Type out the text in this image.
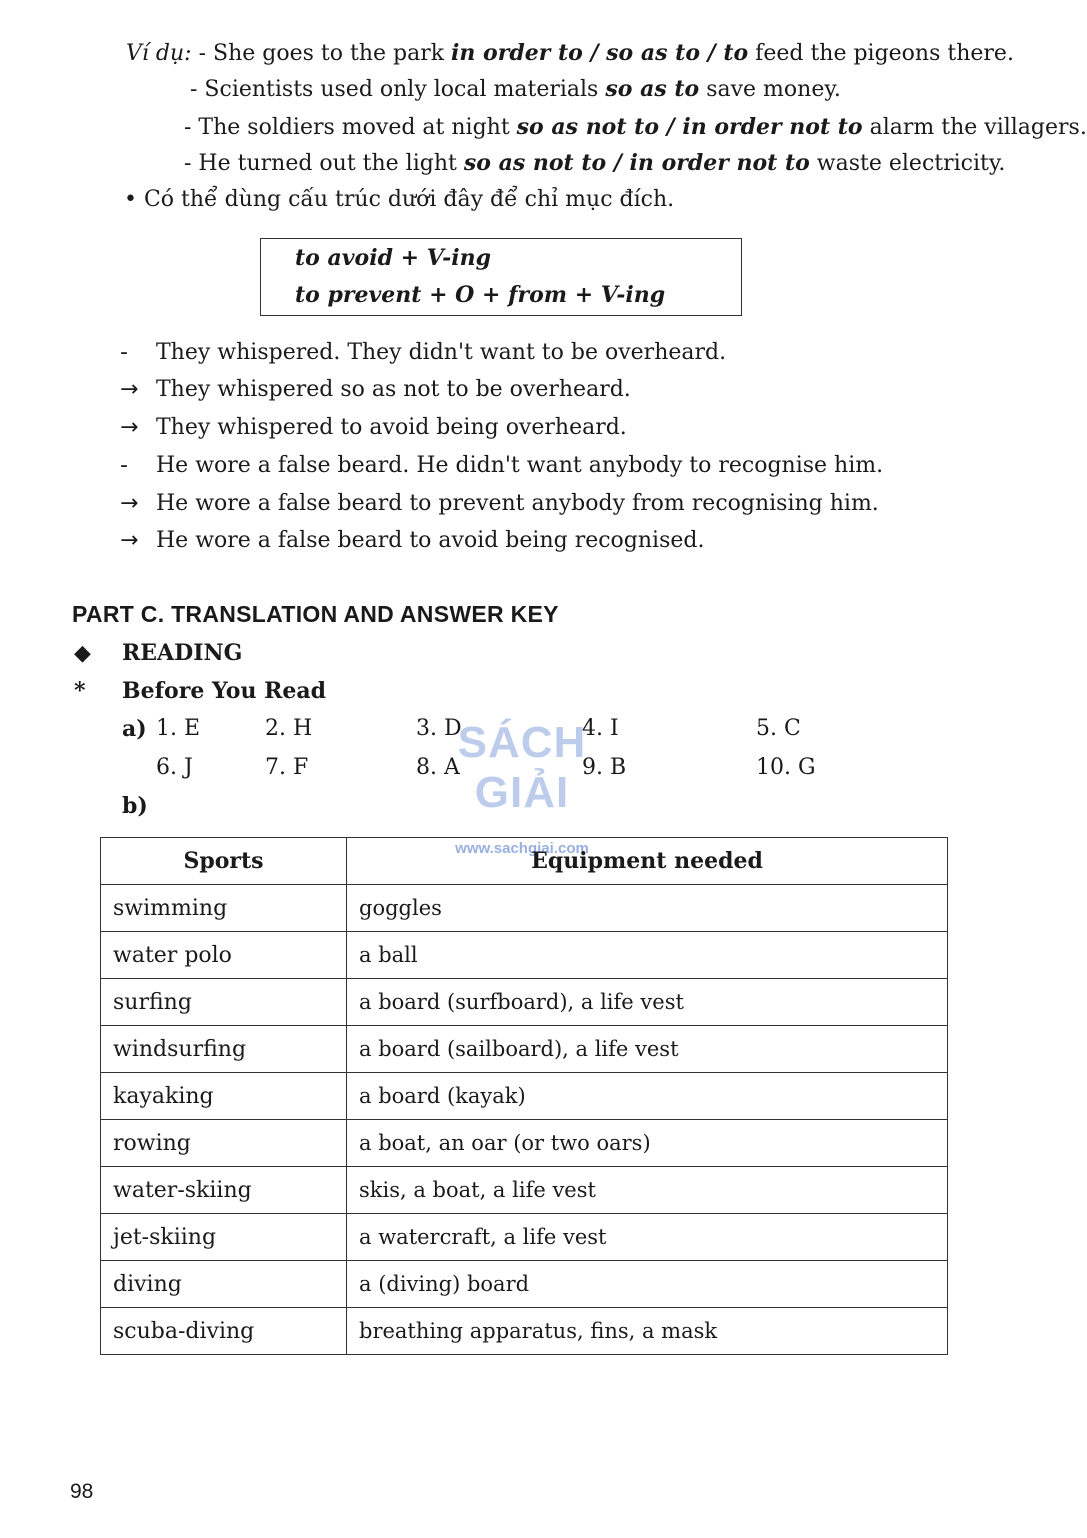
Ví dụ: - She goes to the park in order to / so as to / to feed the pigeons there.
- Scientists used only local materials so as to save money.
- The soldiers moved at night so as not to / in order not to alarm the villagers.
- He turned out the light so as not to / in order not to waste electricity.
• Có thể dùng cấu trúc dưới đây để chỉ mục đích.
to avoid + V-ing
to prevent + O + from + V-ing
- They whispered. They didn't want to be overheard.
→ They whispered so as not to be overheard.
→ They whispered to avoid being overheard.
- He wore a false beard. He didn't want anybody to recognise him.
→ He wore a false beard to prevent anybody from recognising him.
→ He wore a false beard to avoid being recognised.
PART C. TRANSLATION AND ANSWER KEY
◆ READING
* Before You Read
a) 1. E	2. H	3. D	4. I	5. C
6. J	7. F	8. A	9. B	10. G
b)
SÁCH GIẢI
www.sachgiai.com
Sports	Equipment needed
swimming	goggles
water polo	a ball
surfing	a board (surfboard), a life vest
windsurfing	a board (sailboard), a life vest
kayaking	a board (kayak)
rowing	a boat, an oar (or two oars)
water-skiing	skis, a boat, a life vest
jet-skiing	a watercraft, a life vest
diving	a (diving) board
scuba-diving	breathing apparatus, fins, a mask
98
